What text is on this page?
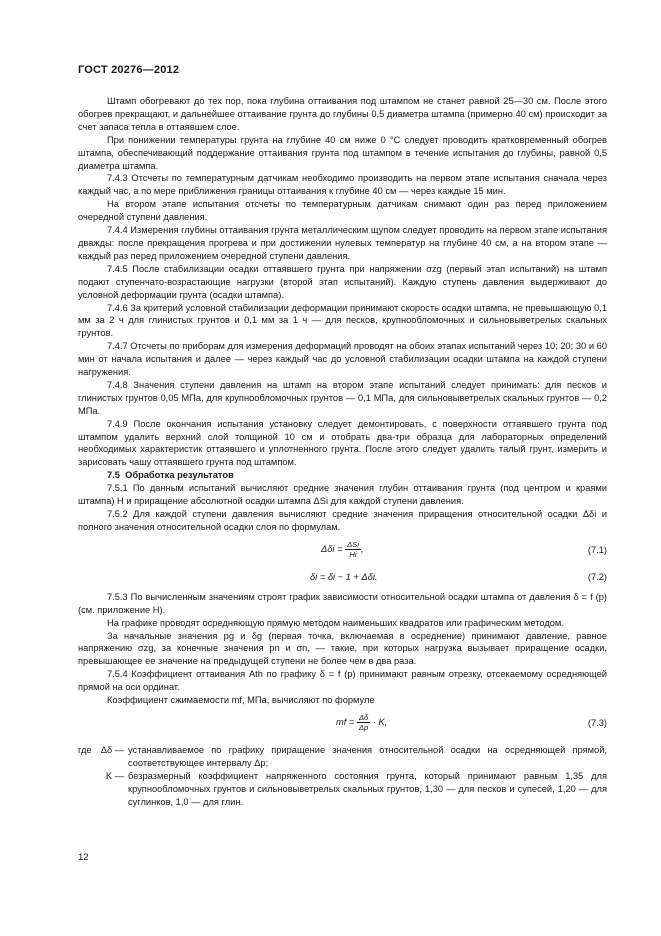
ГОСТ 20276—2012

Штамп обогревают до тех пор, пока глубина оттаивания под штампом не станет равной 25—30 см. После этого обогрев прекращают, и дальнейшее оттаивание грунта до глубины 0,5 диаметра штампа (примерно 40 см) происходит за счет запаса тепла в оттаявшем слое.

При понижении температуры грунта на глубине 40 см ниже 0 °С следует проводить кратковременный обогрев штампа, обеспечивающий поддержание оттаивания грунта под штампом в течение испытания до глубины, равной 0,5 диаметра штампа.

7.4.3 Отсчеты по температурным датчикам необходимо производить на первом этапе испытания сначала через каждый час, а по мере приближения границы оттаивания к глубине 40 см — через каждые 15 мин.

На втором этапе испытания отсчеты по температурным датчикам снимают один раз перед приложением очередной ступени давления.

7.4.4 Измерения глубины оттаивания грунта металлическим щупом следует проводить на первом этапе испытания дважды: после прекращения прогрева и при достижении нулевых температур на глубине 40 см, а на втором этапе — каждый раз перед приложением очередной ступени давления.

7.4.5 После стабилизации осадки оттаявшего грунта при напряжении σzg (первый этап испытаний) на штамп подают ступенчато-возрастающие нагрузки (второй этап испытаний). Каждую ступень давления выдерживают до условной деформации грунта (осадки штампа).

7.4.6 За критерий условной стабилизации деформации принимают скорость осадки штампа, не превышающую 0,1 мм за 2 ч для глинистых грунтов и 0,1 мм за 1 ч — для песков, крупнообломочных и сильновыветрелых скальных грунтов.

7.4.7 Отсчеты по приборам для измерения деформаций проводят на обоих этапах испытаний через 10; 20; 30 и 60 мин от начала испытания и далее — через каждый час до условной стабилизации осадки штампа на каждой ступени нагружения.

7.4.8 Значения ступени давления на штамп на втором этапе испытаний следует принимать: для песков и глинистых грунтов 0,05 МПа, для крупнообломочных грунтов — 0,1 МПа, для сильновыветрелых скальных грунтов — 0,2 МПа.

7.4.9 После окончания испытания установку следует демонтировать, с поверхности оттаявшего грунта под штампом удалить верхний слой толщиной 10 см и отобрать два-три образца для лабораторных определений необходимых характеристик оттаявшего и уплотненного грунта. После этого следует удалить талый грунт, измерить и зарисовать чашу оттаявшего грунта под штампом.

7.5 Обработка результатов

7.5.1 По данным испытаний вычисляют средние значения глубин оттаивания грунта (под центром и краями штампа) H и приращение абсолютной осадки штампа ΔSi для каждой ступени давления.

7.5.2 Для каждой ступени давления вычисляют средние значения приращения относительной осадки Δδi и полного значения относительной осадки слоя по формулам.

$\Delta\delta i = \frac{\text{ΔSi}}{Hi}$ ,	(7.1)
δi = δi − 1 + Δδi.	(7.2)

7.5.3 По вычисленным значениям строят график зависимости относительной осадки штампа от давления δ = f (p) (см. приложение Н).

На графике проводят осредняющую прямую методом наименьших квадратов или графическим методом.

За начальные значения pg и δg (первая точка, включаемая в осреднение) принимают давление, равное напряжению σzg, за конечные значения pn и σn, — такие, при которых нагрузка вызывает приращение осадки, превышающее ее значение на предыдущей ступени не более чем в два раза.

7.5.4 Коэффициент оттаивания Ath по графику δ = f (p) принимают равным отрезку, отсекаемому осредняющей прямой на оси ординат.

Коэффициент сжимаемости mf, МПа, вычисляют по формуле

mf = $\frac{\Delta\delta}{\Delta p} \cdot K$,	(7.3)
где Δδ — устанавливаемое по графику приращение значения относительной осадки на осредняющей прямой, соответствующее интервалу Δp;
K — безразмерный коэффициент напряженного состояния грунта, который принимают равным 1,35 для крупнообломочных грунтов и сильновыветрелых скальных грунтов, 1,30 — для песков и супесей, 1,20 — для суглинков, 1,0 — для глин.
12
